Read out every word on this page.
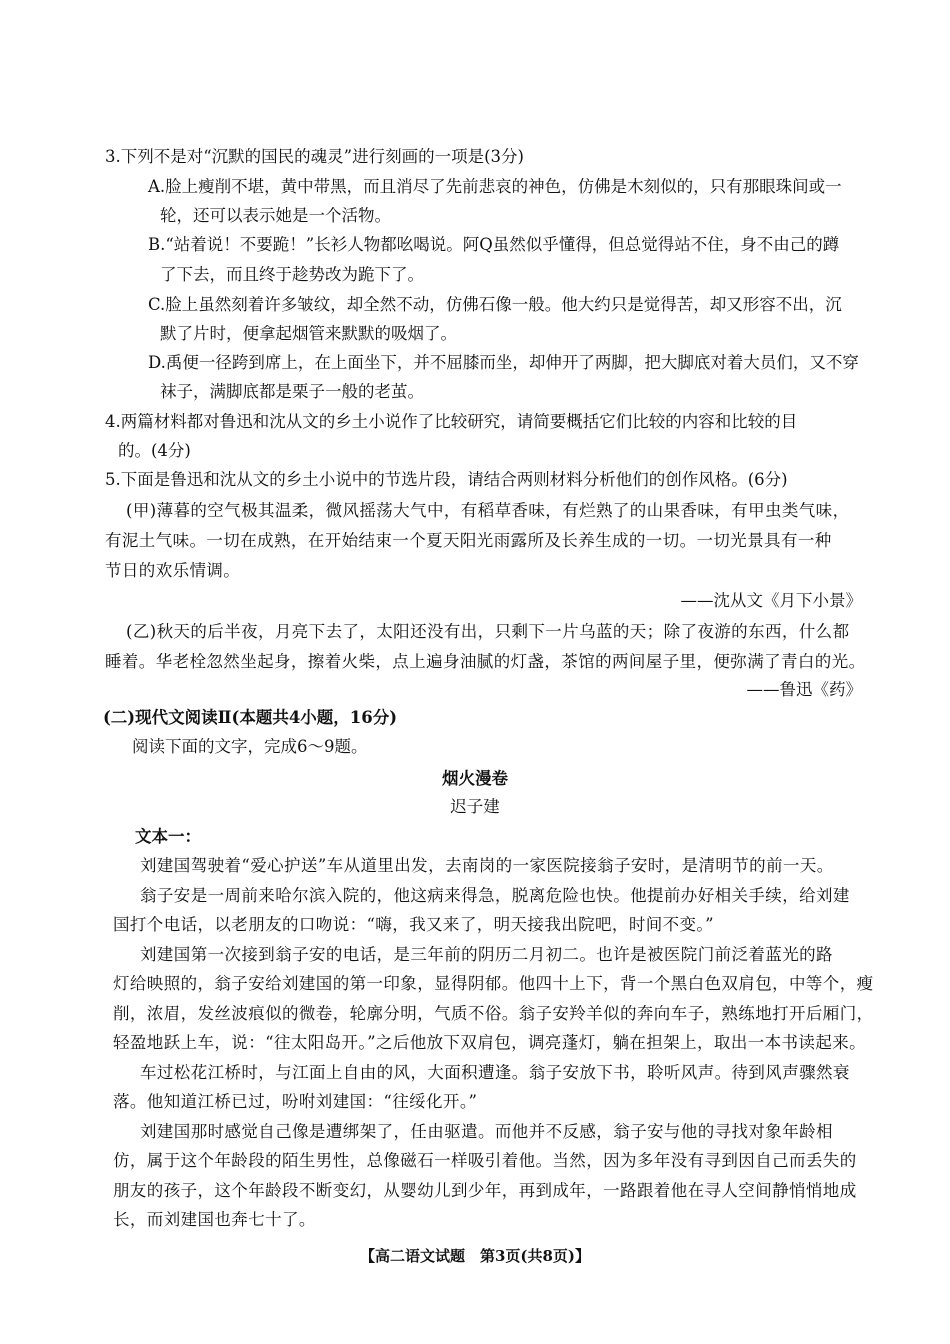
3.下列不是对“沉默的国民的魂灵”进行刻画的一项是(3分)
A.脸上瘦削不堪，黄中带黑，而且消尽了先前悲哀的神色，仿佛是木刻似的，只有那眼珠间或一
轮，还可以表示她是一个活物。
B.“站着说！不要跪！”长衫人物都吆喝说。阿Q虽然似乎懂得，但总觉得站不住，身不由己的蹲
了下去，而且终于趁势改为跪下了。
C.脸上虽然刻着许多皱纹，却全然不动，仿佛石像一般。他大约只是觉得苦，却又形容不出，沉
默了片时，便拿起烟管来默默的吸烟了。
D.禹便一径跨到席上，在上面坐下，并不屈膝而坐，却伸开了两脚，把大脚底对着大员们，又不穿
袜子，满脚底都是栗子一般的老茧。
4.两篇材料都对鲁迅和沈从文的乡土小说作了比较研究，请简要概括它们比较的内容和比较的目
的。(4分)
5.下面是鲁迅和沈从文的乡土小说中的节选片段，请结合两则材料分析他们的创作风格。(6分)
(甲)薄暮的空气极其温柔，微风摇荡大气中，有稻草香味，有烂熟了的山果香味，有甲虫类气味，
有泥土气味。一切在成熟，在开始结束一个夏天阳光雨露所及长养生成的一切。一切光景具有一种
节日的欢乐情调。
——沈从文《月下小景》
(乙)秋天的后半夜，月亮下去了，太阳还没有出，只剩下一片乌蓝的天；除了夜游的东西，什么都
睡着。华老栓忽然坐起身，擦着火柴，点上遍身油腻的灯盏，茶馆的两间屋子里，便弥满了青白的光。
——鲁迅《药》
(二)现代文阅读Ⅱ(本题共4小题，16分)
阅读下面的文字，完成6～9题。
烟火漫卷
迟子建
文本一：
刘建国驾驶着“爱心护送”车从道里出发，去南岗的一家医院接翁子安时，是清明节的前一天。
翁子安是一周前来哈尔滨入院的，他这病来得急，脱离危险也快。他提前办好相关手续，给刘建
国打个电话，以老朋友的口吻说：“嗨，我又来了，明天接我出院吧，时间不变。”
刘建国第一次接到翁子安的电话，是三年前的阴历二月初二。也许是被医院门前泛着蓝光的路
灯给映照的，翁子安给刘建国的第一印象，显得阴郁。他四十上下，背一个黑白色双肩包，中等个，瘦
削，浓眉，发丝波痕似的微卷，轮廓分明，气质不俗。翁子安羚羊似的奔向车子，熟练地打开后厢门，
轻盈地跃上车，说：“往太阳岛开。”之后他放下双肩包，调亮蓬灯，躺在担架上，取出一本书读起来。
车过松花江桥时，与江面上自由的风，大面积遭逢。翁子安放下书，聆听风声。待到风声骤然衰
落。他知道江桥已过，吩咐刘建国：“往绥化开。”
刘建国那时感觉自己像是遭绑架了，任由驱遣。而他并不反感，翁子安与他的寻找对象年龄相
仿，属于这个年龄段的陌生男性，总像磁石一样吸引着他。当然，因为多年没有寻到因自己而丢失的
朋友的孩子，这个年龄段不断变幻，从婴幼儿到少年，再到成年，一路跟着他在寻人空间静悄悄地成
长，而刘建国也奔七十了。
【高二语文试题　第3页(共8页)】
